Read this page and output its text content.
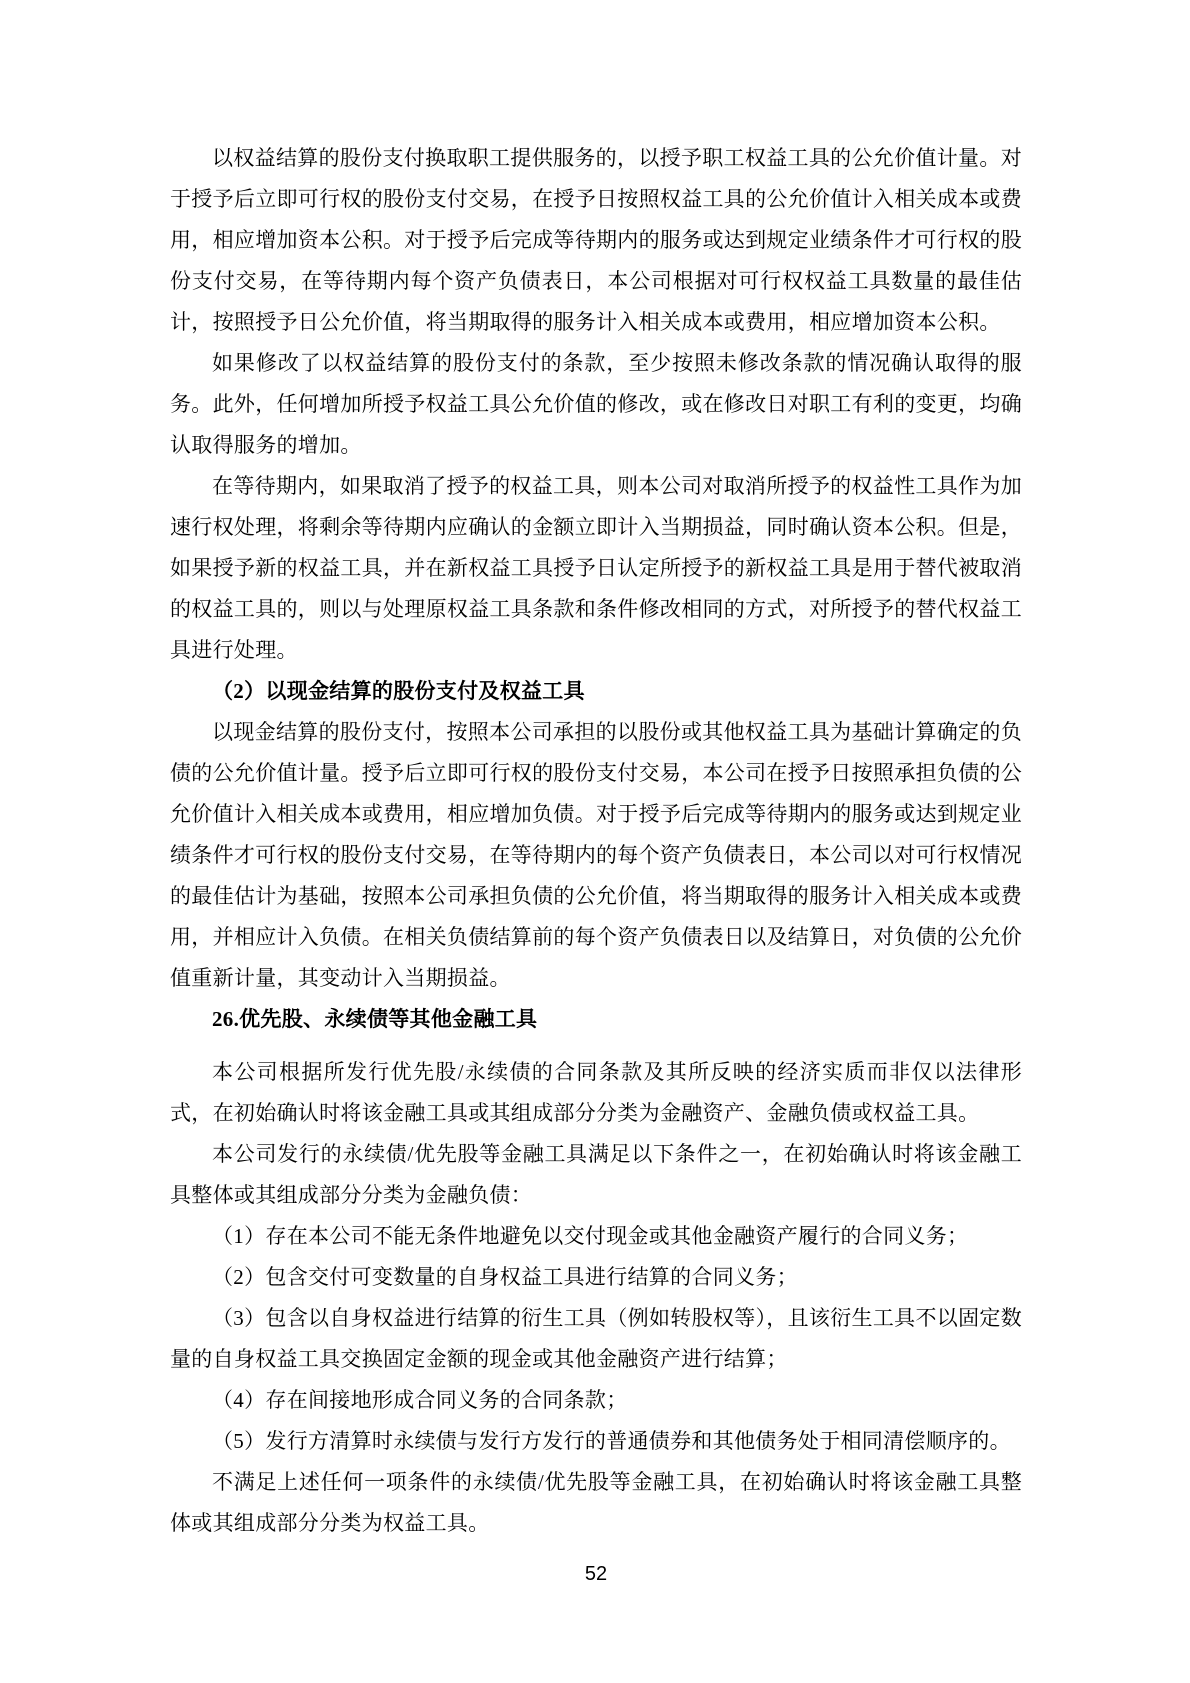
以权益结算的股份支付换取职工提供服务的，以授予职工权益工具的公允价值计量。对于授予后立即可行权的股份支付交易，在授予日按照权益工具的公允价值计入相关成本或费用，相应增加资本公积。对于授予后完成等待期内的服务或达到规定业绩条件才可行权的股份支付交易，在等待期内每个资产负债表日，本公司根据对可行权权益工具数量的最佳估计，按照授予日公允价值，将当期取得的服务计入相关成本或费用，相应增加资本公积。

如果修改了以权益结算的股份支付的条款，至少按照未修改条款的情况确认取得的服务。此外，任何增加所授予权益工具公允价值的修改，或在修改日对职工有利的变更，均确认取得服务的增加。

在等待期内，如果取消了授予的权益工具，则本公司对取消所授予的权益性工具作为加速行权处理，将剩余等待期内应确认的金额立即计入当期损益，同时确认资本公积。但是，如果授予新的权益工具，并在新权益工具授予日认定所授予的新权益工具是用于替代被取消的权益工具的，则以与处理原权益工具条款和条件修改相同的方式，对所授予的替代权益工具进行处理。

（2）以现金结算的股份支付及权益工具

以现金结算的股份支付，按照本公司承担的以股份或其他权益工具为基础计算确定的负债的公允价值计量。授予后立即可行权的股份支付交易，本公司在授予日按照承担负债的公允价值计入相关成本或费用，相应增加负债。对于授予后完成等待期内的服务或达到规定业绩条件才可行权的股份支付交易，在等待期内的每个资产负债表日，本公司以对可行权情况的最佳估计为基础，按照本公司承担负债的公允价值，将当期取得的服务计入相关成本或费用，并相应计入负债。在相关负债结算前的每个资产负债表日以及结算日，对负债的公允价值重新计量，其变动计入当期损益。

26.优先股、永续债等其他金融工具

本公司根据所发行优先股/永续债的合同条款及其所反映的经济实质而非仅以法律形式，在初始确认时将该金融工具或其组成部分分类为金融资产、金融负债或权益工具。

本公司发行的永续债/优先股等金融工具满足以下条件之一，在初始确认时将该金融工具整体或其组成部分分类为金融负债：

（1）存在本公司不能无条件地避免以交付现金或其他金融资产履行的合同义务；

（2）包含交付可变数量的自身权益工具进行结算的合同义务；

（3）包含以自身权益进行结算的衍生工具（例如转股权等），且该衍生工具不以固定数量的自身权益工具交换固定金额的现金或其他金融资产进行结算；

（4）存在间接地形成合同义务的合同条款；

（5）发行方清算时永续债与发行方发行的普通债券和其他债务处于相同清偿顺序的。

不满足上述任何一项条件的永续债/优先股等金融工具，在初始确认时将该金融工具整体或其组成部分分类为权益工具。

52
